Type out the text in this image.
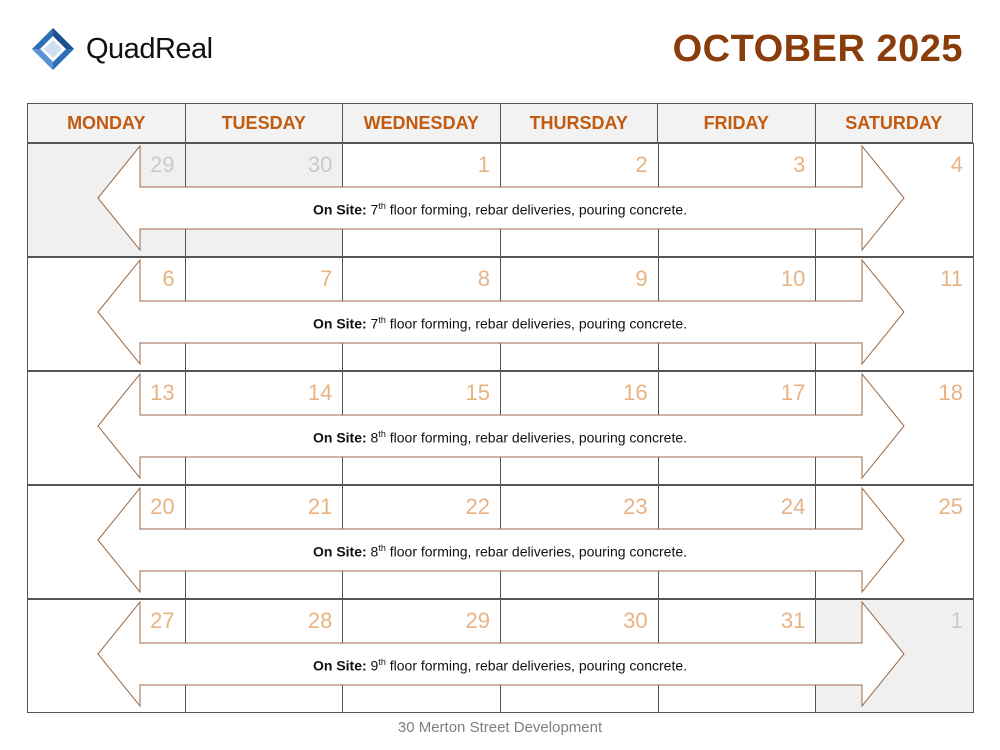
QuadReal	OCTOBER 2025
MONDAY	TUESDAY	WEDNESDAY	THURSDAY	FRIDAY	SATURDAY
29	30	1	2	3	4
On Site: 7th floor forming, rebar deliveries, pouring concrete.
6	7	8	9	10	11
On Site: 7th floor forming, rebar deliveries, pouring concrete.
13	14	15	16	17	18
On Site: 8th floor forming, rebar deliveries, pouring concrete.
20	21	22	23	24	25
On Site: 8th floor forming, rebar deliveries, pouring concrete.
27	28	29	30	31	1
On Site: 9th floor forming, rebar deliveries, pouring concrete.
30 Merton Street Development
